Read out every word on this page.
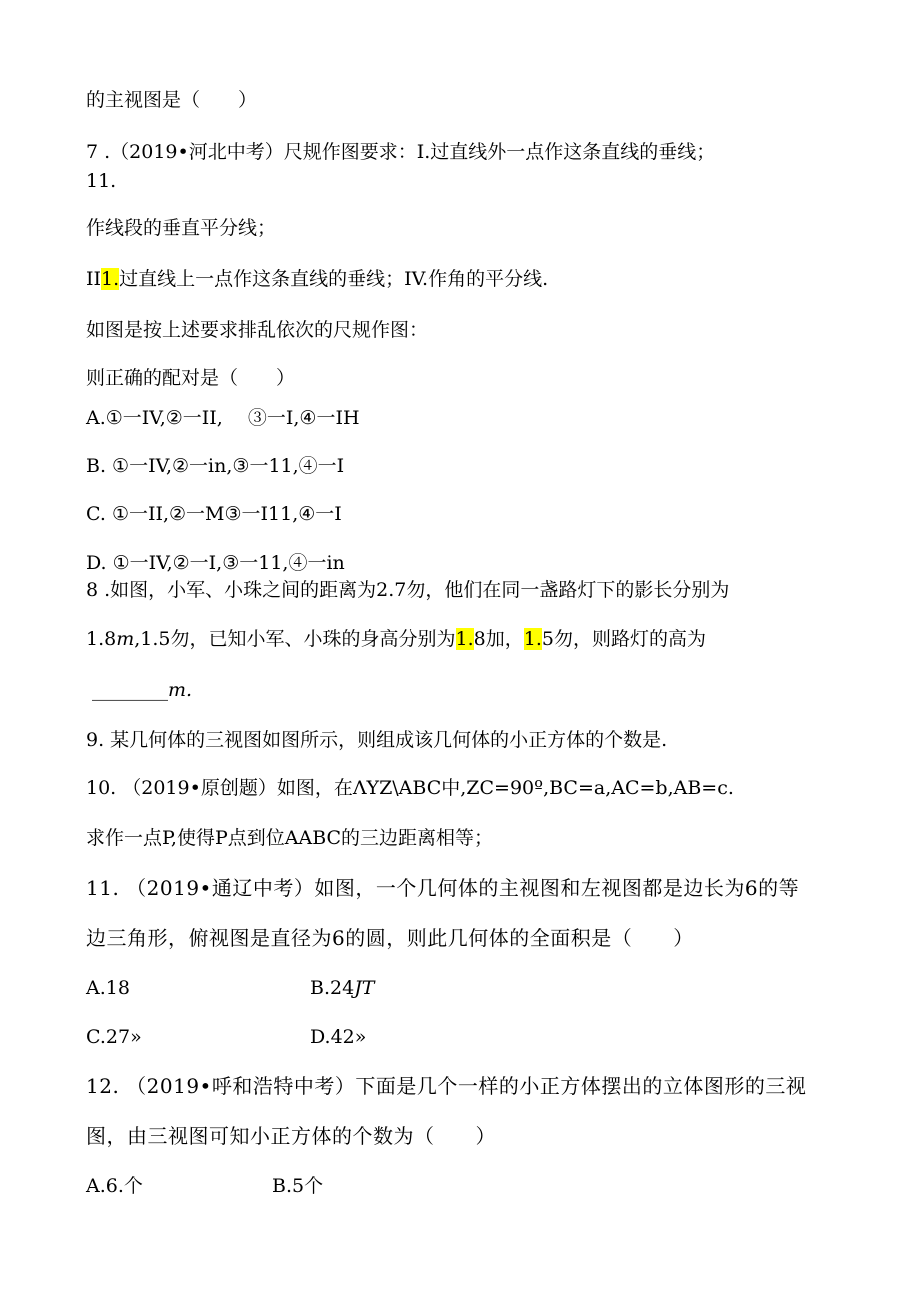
的主视图是（　　）
7 .（2019•河北中考）尺规作图要求：I.过直线外一点作这条直线的垂线；
11.
作线段的垂直平分线；
II1.过直线上一点作这条直线的垂线；IV.作角的平分线.
如图是按上述要求排乱依次的尺规作图：
则正确的配对是（　　）
A.①一IV,②一II,　 ③一I,④一IH
B. ①一IV,②一in,③一11,④一I
C. ①一II,②一M③一I11,④一I
D. ①一IV,②一I,③一11,④一in
8 .如图，小军、小珠之间的距离为2.7勿，他们在同一盏路灯下的影长分别为
1.8m,1.5勿，已知小军、小珠的身高分别为1.8加，1.5勿，则路灯的高为
________m.
9. 某几何体的三视图如图所示，则组成该几何体的小正方体的个数是.
10. （2019•原创题）如图，在ΛYZ\ABC中,ZC=90º,BC=a,AC=b,AB=c.
求作一点P,使得P点到位AABC的三边距离相等；
11. （2019•通辽中考）如图，一个几何体的主视图和左视图都是边长为6的等
边三角形，俯视图是直径为6的圆，则此几何体的全面积是（　　）
A.18	B.24JT
C.27»	D.42»
12. （2019•呼和浩特中考）下面是几个一样的小正方体摆出的立体图形的三视
图，由三视图可知小正方体的个数为（　　）
A.6.个	B.5个
